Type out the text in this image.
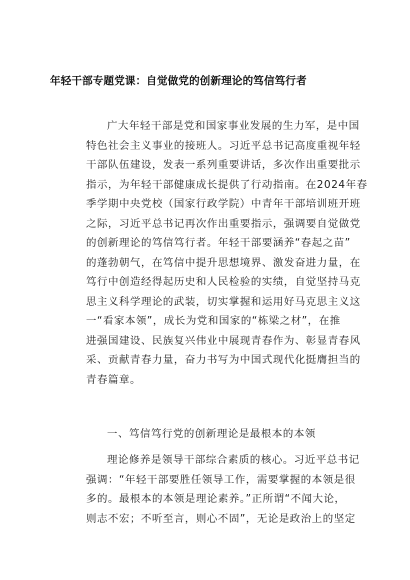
年轻干部专题党课：自觉做党的创新理论的笃信笃行者
广大年轻干部是党和国家事业发展的生力军，是中国
特色社会主义事业的接班人。习近平总书记高度重视年轻
干部队伍建设，发表一系列重要讲话，多次作出重要批示
指示，为年轻干部健康成长提供了行动指南。在2024年春
季学期中央党校（国家行政学院）中青年干部培训班开班
之际，习近平总书记再次作出重要指示，强调要自觉做党
的创新理论的笃信笃行者。年轻干部要涵养“春起之苗”
的蓬勃朝气，在笃信中提升思想境界、激发奋进力量，在
笃行中创造经得起历史和人民检验的实绩，自觉坚持马克
思主义科学理论的武装，切实掌握和运用好马克思主义这
一“看家本领”，成长为党和国家的“栋梁之材”，在推
进强国建设、民族复兴伟业中展现青春作为、彰显青春风
采、贡献青春力量，奋力书写为中国式现代化挺膺担当的
青春篇章。
一、笃信笃行党的创新理论是最根本的本领
理论修养是领导干部综合素质的核心。习近平总书记
强调：“年轻干部要胜任领导工作，需要掌握的本领是很
多的。最根本的本领是理论素养。”正所谓“不闻大论，
则志不宏；不听至言，则心不固”，无论是政治上的坚定
